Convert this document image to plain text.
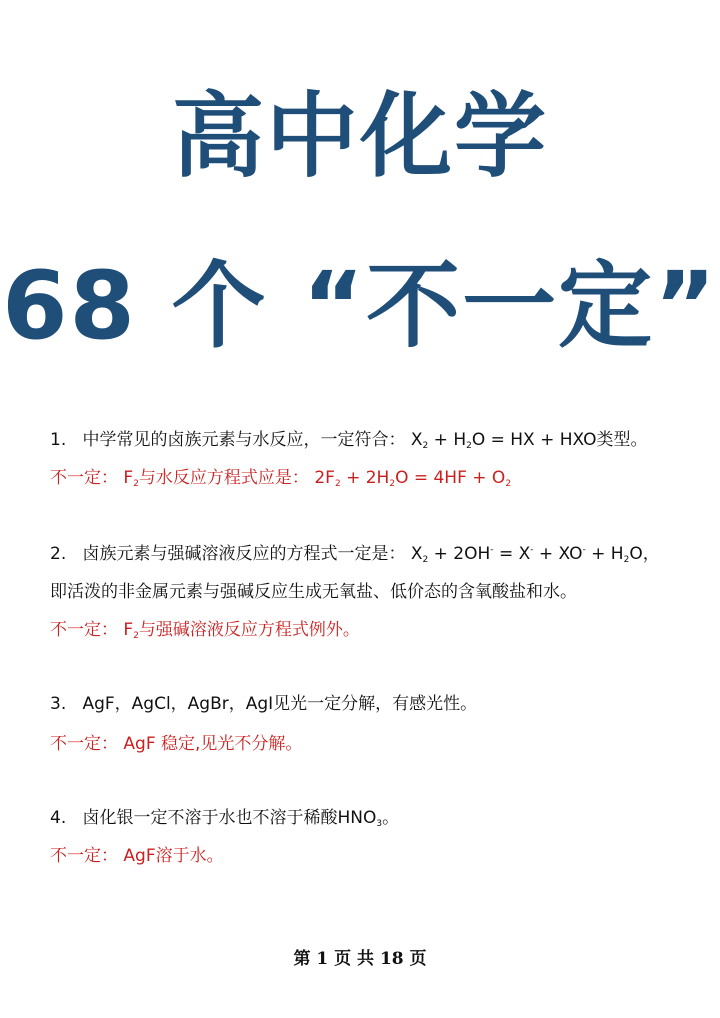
高中化学
68 个 “不一定”
1. 中学常见的卤族元素与水反应，一定符合： $X_2 + H_2O$ = HX + HXO类型。
不一定： $F_2$与水反应方程式应是： $2F_2 + 2H_2O = 4HF + O_2$
2. 卤族元素与强碱溶液反应的方程式一定是： $X_2 + 2OH^- = X^- + XO^- + H_2O$，
即活泼的非金属元素与强碱反应生成无氧盐、低价态的含氧酸盐和水。
不一定： $F_2$与强碱溶液反应方程式例外。
3. AgF，AgCl，AgBr，AgI见光一定分解，有感光性。
不一定： AgF 稳定,见光不分解。
4. 卤化银一定不溶于水也不溶于稀酸$HNO_3$。
不一定： AgF溶于水。
第 1 页 共 18 页
